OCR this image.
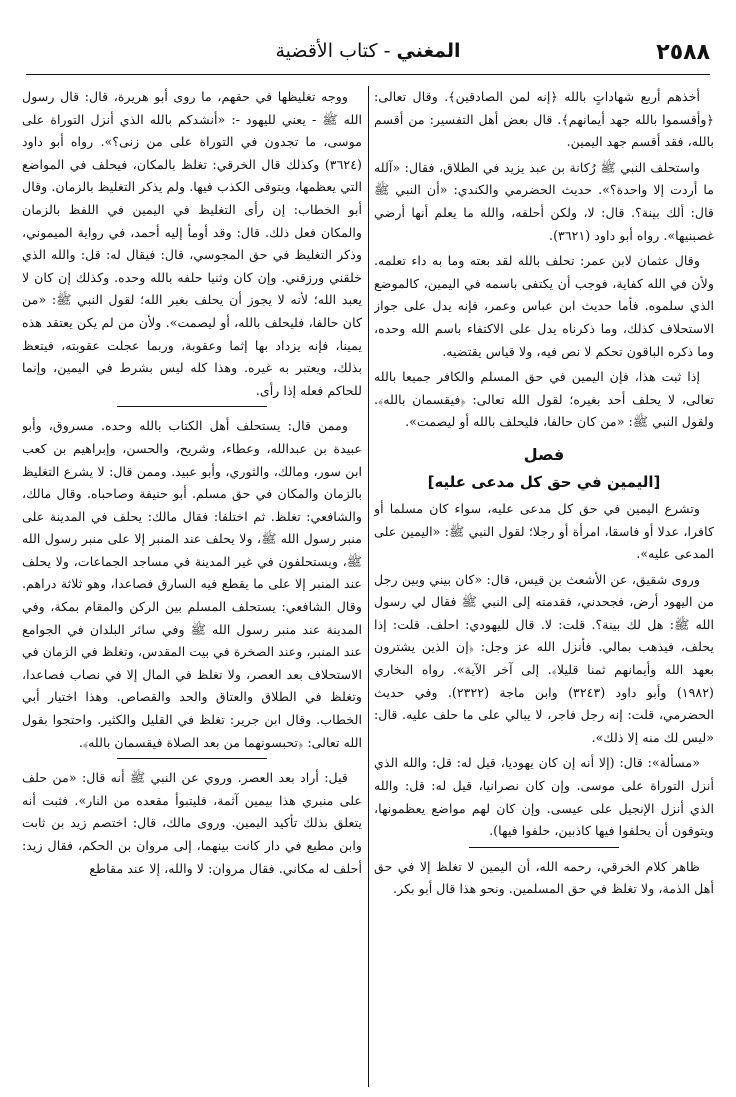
٢٥٨٨
المغني - كتاب الأقضية

أخذهم أربع شهاداتٍ بالله ﴿إنه لمن الصادقين﴾. وقال تعالى: ﴿وأقسموا بالله جهد أيمانهم﴾. قال بعض أهل التفسير: من أقسم بالله، فقد أقسم جهد اليمين.

واستحلف النبي ﷺ رُكانة بن عبد يزيد في الطلاق، فقال: «آلله ما أردت إلا واحدة؟». حديث الحضرمي والكندي: «أن النبي ﷺ قال: ألك بينة؟. قال: لا، ولكن أحلفه، والله ما يعلم أنها أرضي غصبنيها». رواه أبو داود (٣٦٢١).

وقال عثمان لابن عمر: تحلف بالله لقد بعته وما به داء تعلمه. ولأن في الله كفاية، فوجب أن يكتفى باسمه في اليمين، كالموضع الذي سلموه. فأما حديث ابن عباس وعمر، فإنه يدل على جواز الاستحلاف كذلك، وما ذكرناه يدل على الاكتفاء باسم الله وحده، وما ذكره الباقون تحكم لا نص فيه، ولا قياس يقتضيه.

إذا ثبت هذا، فإن اليمين في حق المسلم والكافر جميعا بالله تعالى، لا يحلف أحد بغيره؛ لقول الله تعالى: ﴿فيقسمان بالله﴾. ولقول النبي ﷺ: «من كان حالفا، فليحلف بالله أو ليصمت».

فصل
[اليمين في حق كل مدعى عليه]

وتشرع اليمين في حق كل مدعى عليه، سواء كان مسلما أو كافرا، عدلا أو فاسقا، امرأة أو رجلا؛ لقول النبي ﷺ: «اليمين على المدعى عليه».

وروى شقيق، عن الأشعث بن قيس، قال: «كان بيني وبين رجل من اليهود أرض، فجحدني، فقدمته إلى النبي ﷺ فقال لي رسول الله ﷺ: هل لك بينة؟. قلت: لا. قال لليهودي: احلف. قلت: إذا يحلف، فيذهب بمالي. فأنزل الله عز وجل: ﴿إن الذين يشترون بعهد الله وأيمانهم ثمنا قليلا﴾. إلى آخر الآية». رواه البخاري (١٩٨٢) وأبو داود (٣٢٤٣) وابن ماجة (٢٣٢٢). وفي حديث الحضرمي، قلت: إنه رجل فاجر، لا يبالي على ما حلف عليه. قال: «ليس لك منه إلا ذلك».

«مسألة»: قال: (إلا أنه إن كان يهوديا، قيل له: قل: والله الذي أنزل التوراة على موسى. وإن كان نصرانيا، قيل له: قل: والله الذي أنزل الإنجيل على عيسى. وإن كان لهم مواضع يعظمونها، ويتوقون أن يحلفوا فيها كاذبين، حلفوا فيها).

ظاهر كلام الخرقي، رحمه الله، أن اليمين لا تغلظ إلا في حق أهل الذمة، ولا تغلظ في حق المسلمين. ونحو هذا قال أبو بكر.

ووجه تغليظها في حقهم، ما روى أبو هريرة، قال: قال رسول الله ﷺ - يعني لليهود -: «أنشدكم بالله الذي أنزل التوراة على موسى، ما تجدون في التوراة على من زنى؟». رواه أبو داود (٣٦٢٤) وكذلك قال الخرقي: تغلظ بالمكان، فيحلف في المواضع التي يعظمها، ويتوقى الكذب فيها. ولم يذكر التغليظ بالزمان. وقال أبو الخطاب: إن رأى التغليظ في اليمين في اللفظ بالزمان والمكان فعل ذلك. قال: وقد أومأ إليه أحمد، في رواية الميموني، وذكر التغليظ في حق المجوسي، قال: فيقال له: قل: والله الذي خلقني ورزقني. وإن كان وثنيا حلفه بالله وحده. وكذلك إن كان لا يعبد الله؛ لأنه لا يجوز أن يحلف بغير الله؛ لقول النبي ﷺ: «من كان حالفا، فليحلف بالله، أو ليصمت». ولأن من لم يكن يعتقد هذه يمينا، فإنه يزداد بها إثما وعقوبة، وربما عجلت عقوبته، فيتعظ بذلك، ويعتبر به غيره. وهذا كله ليس بشرط في اليمين، وإنما للحاكم فعله إذا رأى.

وممن قال: يستحلف أهل الكتاب بالله وحده. مسروق، وأبو عبيدة بن عبدالله، وعطاء، وشريح، والحسن، وإبراهيم بن كعب ابن سور، ومالك، والثوري، وأبو عبيد. وممن قال: لا يشرع التغليظ بالزمان والمكان في حق مسلم. أبو حنيفة وصاحباه. وقال مالك، والشافعي: تغلظ. ثم اختلفا: فقال مالك: يحلف في المدينة على منبر رسول الله ﷺ، ولا يحلف عند المنبر إلا على منبر رسول الله ﷺ، ويستحلفون في غير المدينة في مساجد الجماعات، ولا يحلف عند المنبر إلا على ما يقطع فيه السارق فصاعدا، وهو ثلاثة دراهم. وقال الشافعي: يستحلف المسلم بين الركن والمقام بمكة، وفي المدينة عند منبر رسول الله ﷺ وفي سائر البلدان في الجوامع عند المنبر، وعند الصخرة في بيت المقدس، وتغلظ في الزمان في الاستحلاف بعد العصر، ولا تغلظ في المال إلا في نصاب فصاعدا، وتغلظ في الطلاق والعتاق والحد والقصاص. وهذا اختيار أبي الخطاب. وقال ابن جرير: تغلظ في القليل والكثير. واحتجوا بقول الله تعالى: ﴿تحبسونهما من بعد الصلاة فيقسمان بالله﴾.

قيل: أراد بعد العصر. وروي عن النبي ﷺ أنه قال: «من حلف على منبري هذا بيمين آثمة، فليتبوأ مقعده من النار». فثبت أنه يتعلق بذلك تأكيد اليمين. وروى مالك، قال: اختصم زيد بن ثابت وابن مطيع في دار كانت بينهما، إلى مروان بن الحكم، فقال زيد: أحلف له مكاني. فقال مروان: لا والله، إلا عند مقاطع
